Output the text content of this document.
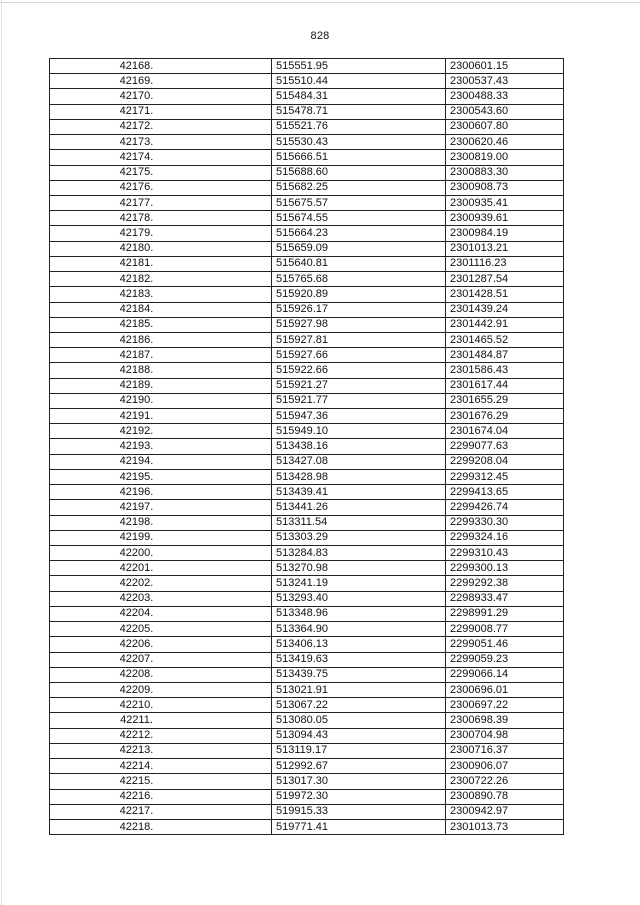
828
42168.	515551.95	2300601.15
42169.	515510.44	2300537.43
42170.	515484.31	2300488.33
42171.	515478.71	2300543.60
42172.	515521.76	2300607.80
42173.	515530.43	2300620.46
42174.	515666.51	2300819.00
42175.	515688.60	2300883.30
42176.	515682.25	2300908.73
42177.	515675.57	2300935.41
42178.	515674.55	2300939.61
42179.	515664.23	2300984.19
42180.	515659.09	2301013.21
42181.	515640.81	2301116.23
42182.	515765.68	2301287.54
42183.	515920.89	2301428.51
42184.	515926.17	2301439.24
42185.	515927.98	2301442.91
42186.	515927.81	2301465.52
42187.	515927.66	2301484.87
42188.	515922.66	2301586.43
42189.	515921.27	2301617.44
42190.	515921.77	2301655.29
42191.	515947.36	2301676.29
42192.	515949.10	2301674.04
42193.	513438.16	2299077.63
42194.	513427.08	2299208.04
42195.	513428.98	2299312.45
42196.	513439.41	2299413.65
42197.	513441.26	2299426.74
42198.	513311.54	2299330.30
42199.	513303.29	2299324.16
42200.	513284.83	2299310.43
42201.	513270.98	2299300.13
42202.	513241.19	2299292.38
42203.	513293.40	2298933.47
42204.	513348.96	2298991.29
42205.	513364.90	2299008.77
42206.	513406.13	2299051.46
42207.	513419.63	2299059.23
42208.	513439.75	2299066.14
42209.	513021.91	2300696.01
42210.	513067.22	2300697.22
42211.	513080.05	2300698.39
42212.	513094.43	2300704.98
42213.	513119.17	2300716.37
42214.	512992.67	2300906.07
42215.	513017.30	2300722.26
42216.	519972.30	2300890.78
42217.	519915.33	2300942.97
42218.	519771.41	2301013.73
